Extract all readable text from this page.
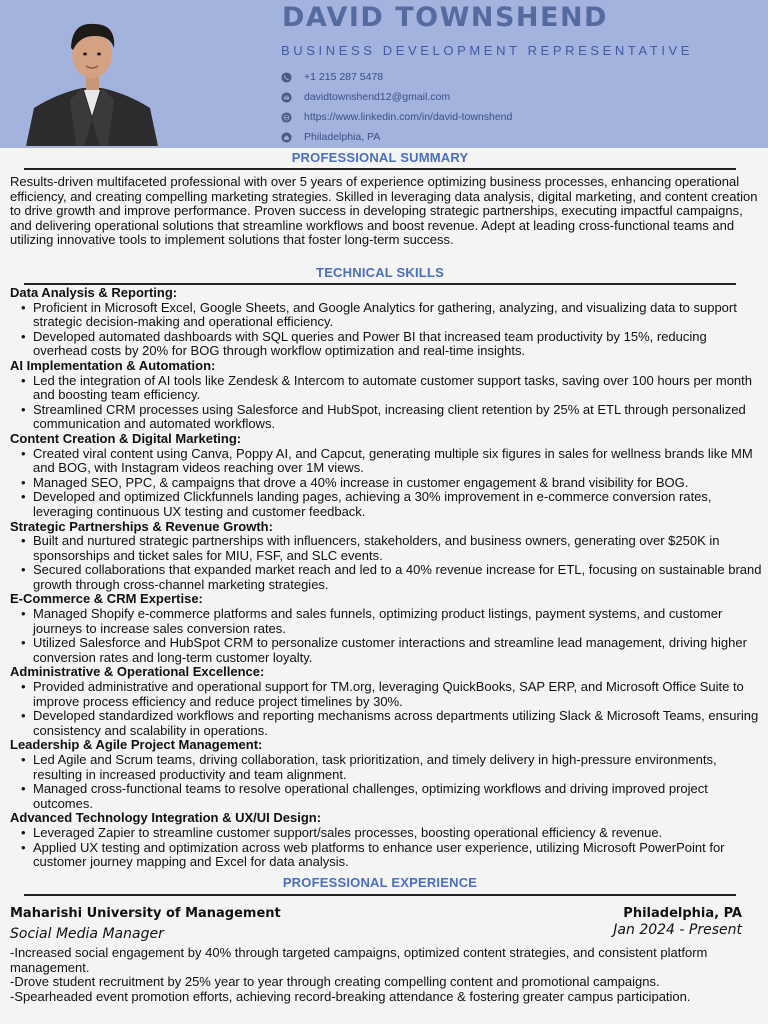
DAVID TOWNSHEND
BUSINESS DEVELOPMENT REPRESENTATIVE
+1 215 287 5478
davidtownshend12@gmail.com
https://www.linkedin.com/in/david-townshend
Philadelphia, PA
PROFESSIONAL SUMMARY
Results-driven multifaceted professional with over 5 years of experience optimizing business processes, enhancing operational efficiency, and creating compelling marketing strategies. Skilled in leveraging data analysis, digital marketing, and content creation to drive growth and improve performance. Proven success in developing strategic partnerships, executing impactful campaigns, and delivering operational solutions that streamline workflows and boost revenue. Adept at leading cross-functional teams and utilizing innovative tools to implement solutions that foster long-term success.
TECHNICAL SKILLS
Data Analysis & Reporting:
• Proficient in Microsoft Excel, Google Sheets, and Google Analytics for gathering, analyzing, and visualizing data to support strategic decision-making and operational efficiency.
• Developed automated dashboards with SQL queries and Power BI that increased team productivity by 15%, reducing overhead costs by 20% for BOG through workflow optimization and real-time insights.
AI Implementation & Automation:
• Led the integration of AI tools like Zendesk & Intercom to automate customer support tasks, saving over 100 hours per month and boosting team efficiency.
• Streamlined CRM processes using Salesforce and HubSpot, increasing client retention by 25% at ETL through personalized communication and automated workflows.
Content Creation & Digital Marketing:
• Created viral content using Canva, Poppy AI, and Capcut, generating multiple six figures in sales for wellness brands like MM and BOG, with Instagram videos reaching over 1M views.
• Managed SEO, PPC, & campaigns that drove a 40% increase in customer engagement & brand visibility for BOG.
• Developed and optimized Clickfunnels landing pages, achieving a 30% improvement in e-commerce conversion rates, leveraging continuous UX testing and customer feedback.
Strategic Partnerships & Revenue Growth:
• Built and nurtured strategic partnerships with influencers, stakeholders, and business owners, generating over $250K in sponsorships and ticket sales for MIU, FSF, and SLC events.
• Secured collaborations that expanded market reach and led to a 40% revenue increase for ETL, focusing on sustainable brand growth through cross-channel marketing strategies.
E-Commerce & CRM Expertise:
• Managed Shopify e-commerce platforms and sales funnels, optimizing product listings, payment systems, and customer journeys to increase sales conversion rates.
• Utilized Salesforce and HubSpot CRM to personalize customer interactions and streamline lead management, driving higher conversion rates and long-term customer loyalty.
Administrative & Operational Excellence:
• Provided administrative and operational support for TM.org, leveraging QuickBooks, SAP ERP, and Microsoft Office Suite to improve process efficiency and reduce project timelines by 30%.
• Developed standardized workflows and reporting mechanisms across departments utilizing Slack & Microsoft Teams, ensuring consistency and scalability in operations.
Leadership & Agile Project Management:
• Led Agile and Scrum teams, driving collaboration, task prioritization, and timely delivery in high-pressure environments, resulting in increased productivity and team alignment.
• Managed cross-functional teams to resolve operational challenges, optimizing workflows and driving improved project outcomes.
Advanced Technology Integration & UX/UI Design:
• Leveraged Zapier to streamline customer support/sales processes, boosting operational efficiency & revenue.
• Applied UX testing and optimization across web platforms to enhance user experience, utilizing Microsoft PowerPoint for customer journey mapping and Excel for data analysis.
PROFESSIONAL EXPERIENCE
Maharishi University of Management	Philadelphia, PA
Social Media Manager	Jan 2024 - Present
-Increased social engagement by 40% through targeted campaigns, optimized content strategies, and consistent platform management.
-Drove student recruitment by 25% year to year through creating compelling content and promotional campaigns.
-Spearheaded event promotion efforts, achieving record-breaking attendance & fostering greater campus participation.
